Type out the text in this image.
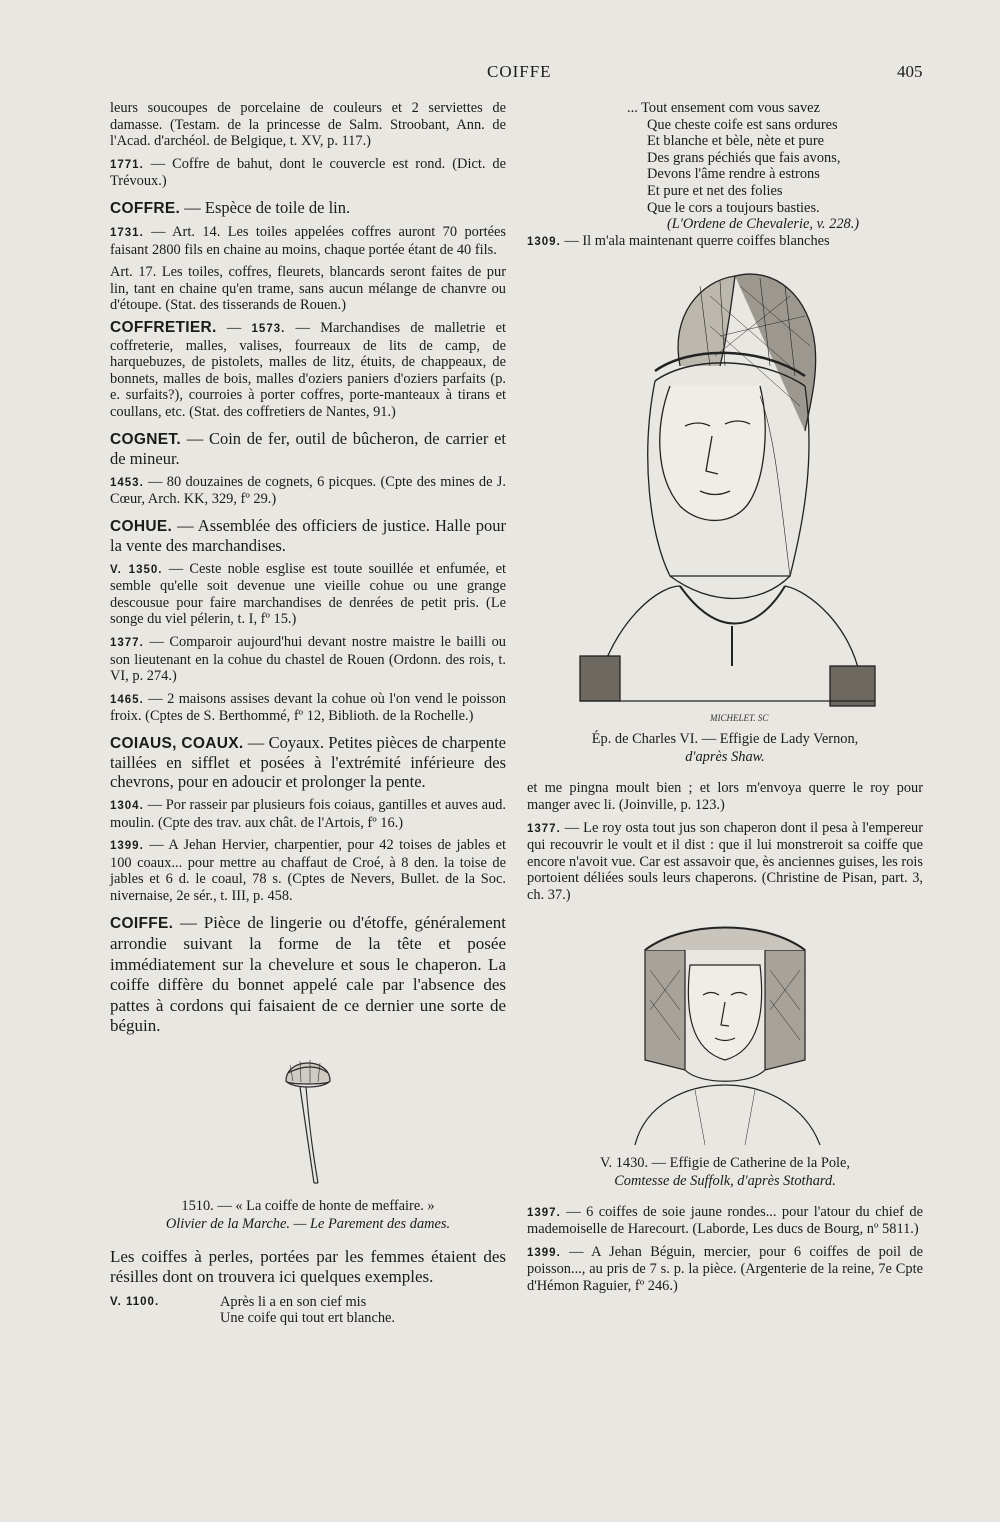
COIFFE	405

leurs soucoupes de porcelaine de couleurs et 2 serviettes de damasse. (Testam. de la princesse de Salm. Stroobant, Ann. de l'Acad. d'archéol. de Belgique, t. XV, p. 117.)

1771. — Coffre de bahut, dont le couvercle est rond. (Dict. de Trévoux.)

COFFRE. — Espèce de toile de lin.

1731. — Art. 14. Les toiles appelées coffres auront 70 portées faisant 2800 fils en chaine au moins, chaque portée étant de 40 fils.

Art. 17. Les toiles, coffres, fleurets, blancards seront faites de pur lin, tant en chaine qu'en trame, sans aucun mélange de chanvre ou d'étoupe. (Stat. des tisserands de Rouen.)

COFFRETIER. — 1573. — Marchandises de malletrie et coffreterie, malles, valises, fourreaux de lits de camp, de harquebuzes, de pistolets, malles de litz, étuits, de chappeaux, de bonnets, malles de bois, malles d'oziers paniers d'oziers parfaits (p. e. surfaits?), courroies à porter coffres, porte-manteaux à tirans et coullans, etc. (Stat. des coffretiers de Nantes, 91.)

COGNET. — Coin de fer, outil de bûcheron, de carrier et de mineur.

1453. — 80 douzaines de cognets, 6 picques. (Cpte des mines de J. Cœur, Arch. KK, 329, fº 29.)

COHUE. — Assemblée des officiers de justice. Halle pour la vente des marchandises.

V. 1350. — Ceste noble esglise est toute souillée et enfumée, et semble qu'elle soit devenue une vieille cohue ou une grange descousue pour faire marchandises de denrées de petit pris. (Le songe du viel pélerin, t. I, fº 15.)

1377. — Comparoir aujourd'hui devant nostre maistre le bailli ou son lieutenant en la cohue du chastel de Rouen (Ordonn. des rois, t. VI, p. 274.)

1465. — 2 maisons assises devant la cohue où l'on vend le poisson froix. (Cptes de S. Berthommé, fº 12, Biblioth. de la Rochelle.)

COIAUS, COAUX. — Coyaux. Petites pièces de charpente taillées en sifflet et posées à l'extrémité inférieure des chevrons, pour en adoucir et prolonger la pente.

1304. — Por rasseir par plusieurs fois coiaus, gantilles et auves aud. moulin. (Cpte des trav. aux chât. de l'Artois, fº 16.)

1399. — A Jehan Hervier, charpentier, pour 42 toises de jables et 100 coaux... pour mettre au chaffaut de Croé, à 8 den. la toise de jables et 6 d. le coaul, 78 s. (Cptes de Nevers, Bullet. de la Soc. nivernaise, 2e sér., t. III, p. 458.

COIFFE. — Pièce de lingerie ou d'étoffe, généralement arrondie suivant la forme de la tête et posée immédiatement sur la chevelure et sous le chaperon. La coiffe diffère du bonnet appelé cale par l'absence des pattes à cordons qui faisaient de ce dernier une sorte de béguin.
1510. — « La coiffe de honte de meffaire. »
Olivier de la Marche. — Le Parement des dames.

Les coiffes à perles, portées par les femmes étaient des résilles dont on trouvera ici quelques exemples.

V. 1100.	Après li a en son cief mis
Une coife qui tout ert blanche.
... Tout ensement com vous savez
Que cheste coife est sans ordures
Et blanche et bèle, nète et pure
Des grans péchiés que fais avons,
Devons l'âme rendre à estrons
Et pure et net des folies
Que le cors a toujours basties.
(L'Ordene de Chevalerie, v. 228.)

1309. — Il m'ala maintenant querre coiffes blanches

MICHELET. SC
Ép. de Charles VI. — Effigie de Lady Vernon,
d'après Shaw.

et me pingna moult bien ; et lors m'envoya querre le roy pour manger avec li. (Joinville, p. 123.)

1377. — Le roy osta tout jus son chaperon dont il pesa à l'empereur qui recouvrir le voult et il dist : que il lui monstreroit sa coiffe que encore n'avoit vue. Car est assavoir que, ès anciennes guises, les rois portoient déliées souls leurs chaperons. (Christine de Pisan, part. 3, ch. 37.)

V. 1430. — Effigie de Catherine de la Pole,
Comtesse de Suffolk, d'après Stothard.

1397. — 6 coiffes de soie jaune rondes... pour l'atour du chief de mademoiselle de Harecourt. (Laborde, Les ducs de Bourg, nº 5811.)

1399. — A Jehan Béguin, mercier, pour 6 coiffes de poil de poisson..., au pris de 7 s. p. la pièce. (Argenterie de la reine, 7e Cpte d'Hémon Raguier, fº 246.)
